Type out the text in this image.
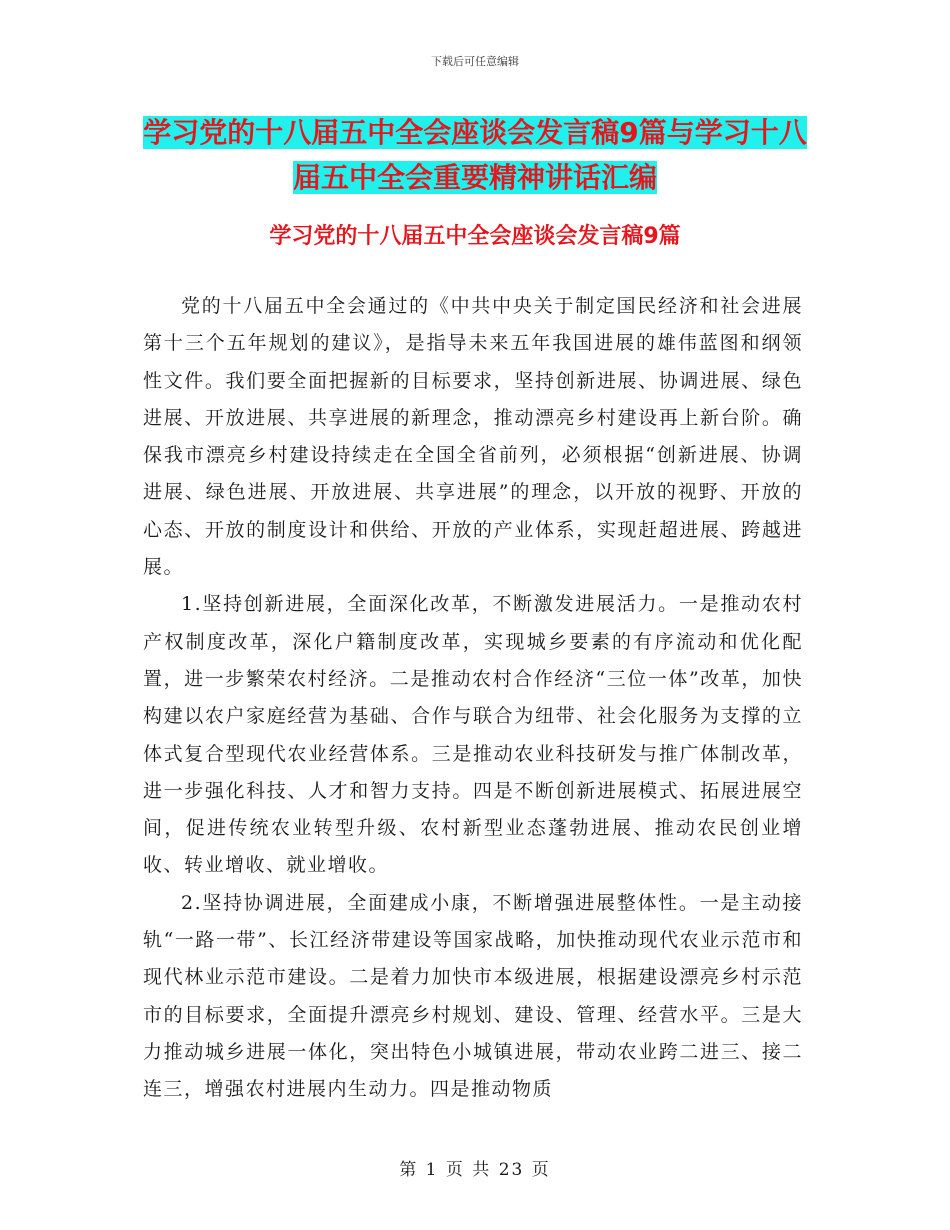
下载后可任意编辑
学习党的十八届五中全会座谈会发言稿9篇与学习十八届五中全会重要精神讲话汇编
学习党的十八届五中全会座谈会发言稿9篇

党的十八届五中全会通过的《中共中央关于制定国民经济和社会进展第十三个五年规划的建议》，是指导未来五年我国进展的雄伟蓝图和纲领性文件。我们要全面把握新的目标要求，坚持创新进展、协调进展、绿色进展、开放进展、共享进展的新理念，推动漂亮乡村建设再上新台阶。确保我市漂亮乡村建设持续走在全国全省前列，必须根据“创新进展、协调进展、绿色进展、开放进展、共享进展”的理念，以开放的视野、开放的心态、开放的制度设计和供给、开放的产业体系，实现赶超进展、跨越进展。

1.坚持创新进展，全面深化改革，不断激发进展活力。一是推动农村产权制度改革，深化户籍制度改革，实现城乡要素的有序流动和优化配置，进一步繁荣农村经济。二是推动农村合作经济“三位一体”改革，加快构建以农户家庭经营为基础、合作与联合为纽带、社会化服务为支撑的立体式复合型现代农业经营体系。三是推动农业科技研发与推广体制改革，进一步强化科技、人才和智力支持。四是不断创新进展模式、拓展进展空间，促进传统农业转型升级、农村新型业态蓬勃进展、推动农民创业增收、转业增收、就业增收。

2.坚持协调进展，全面建成小康，不断增强进展整体性。一是主动接轨“一路一带”、长江经济带建设等国家战略，加快推动现代农业示范市和现代林业示范市建设。二是着力加快市本级进展，根据建设漂亮乡村示范市的目标要求，全面提升漂亮乡村规划、建设、管理、经营水平。三是大力推动城乡进展一体化，突出特色小城镇进展，带动农业跨二进三、接二连三，增强农村进展内生动力。四是推动物质

第 1 页 共 23 页
